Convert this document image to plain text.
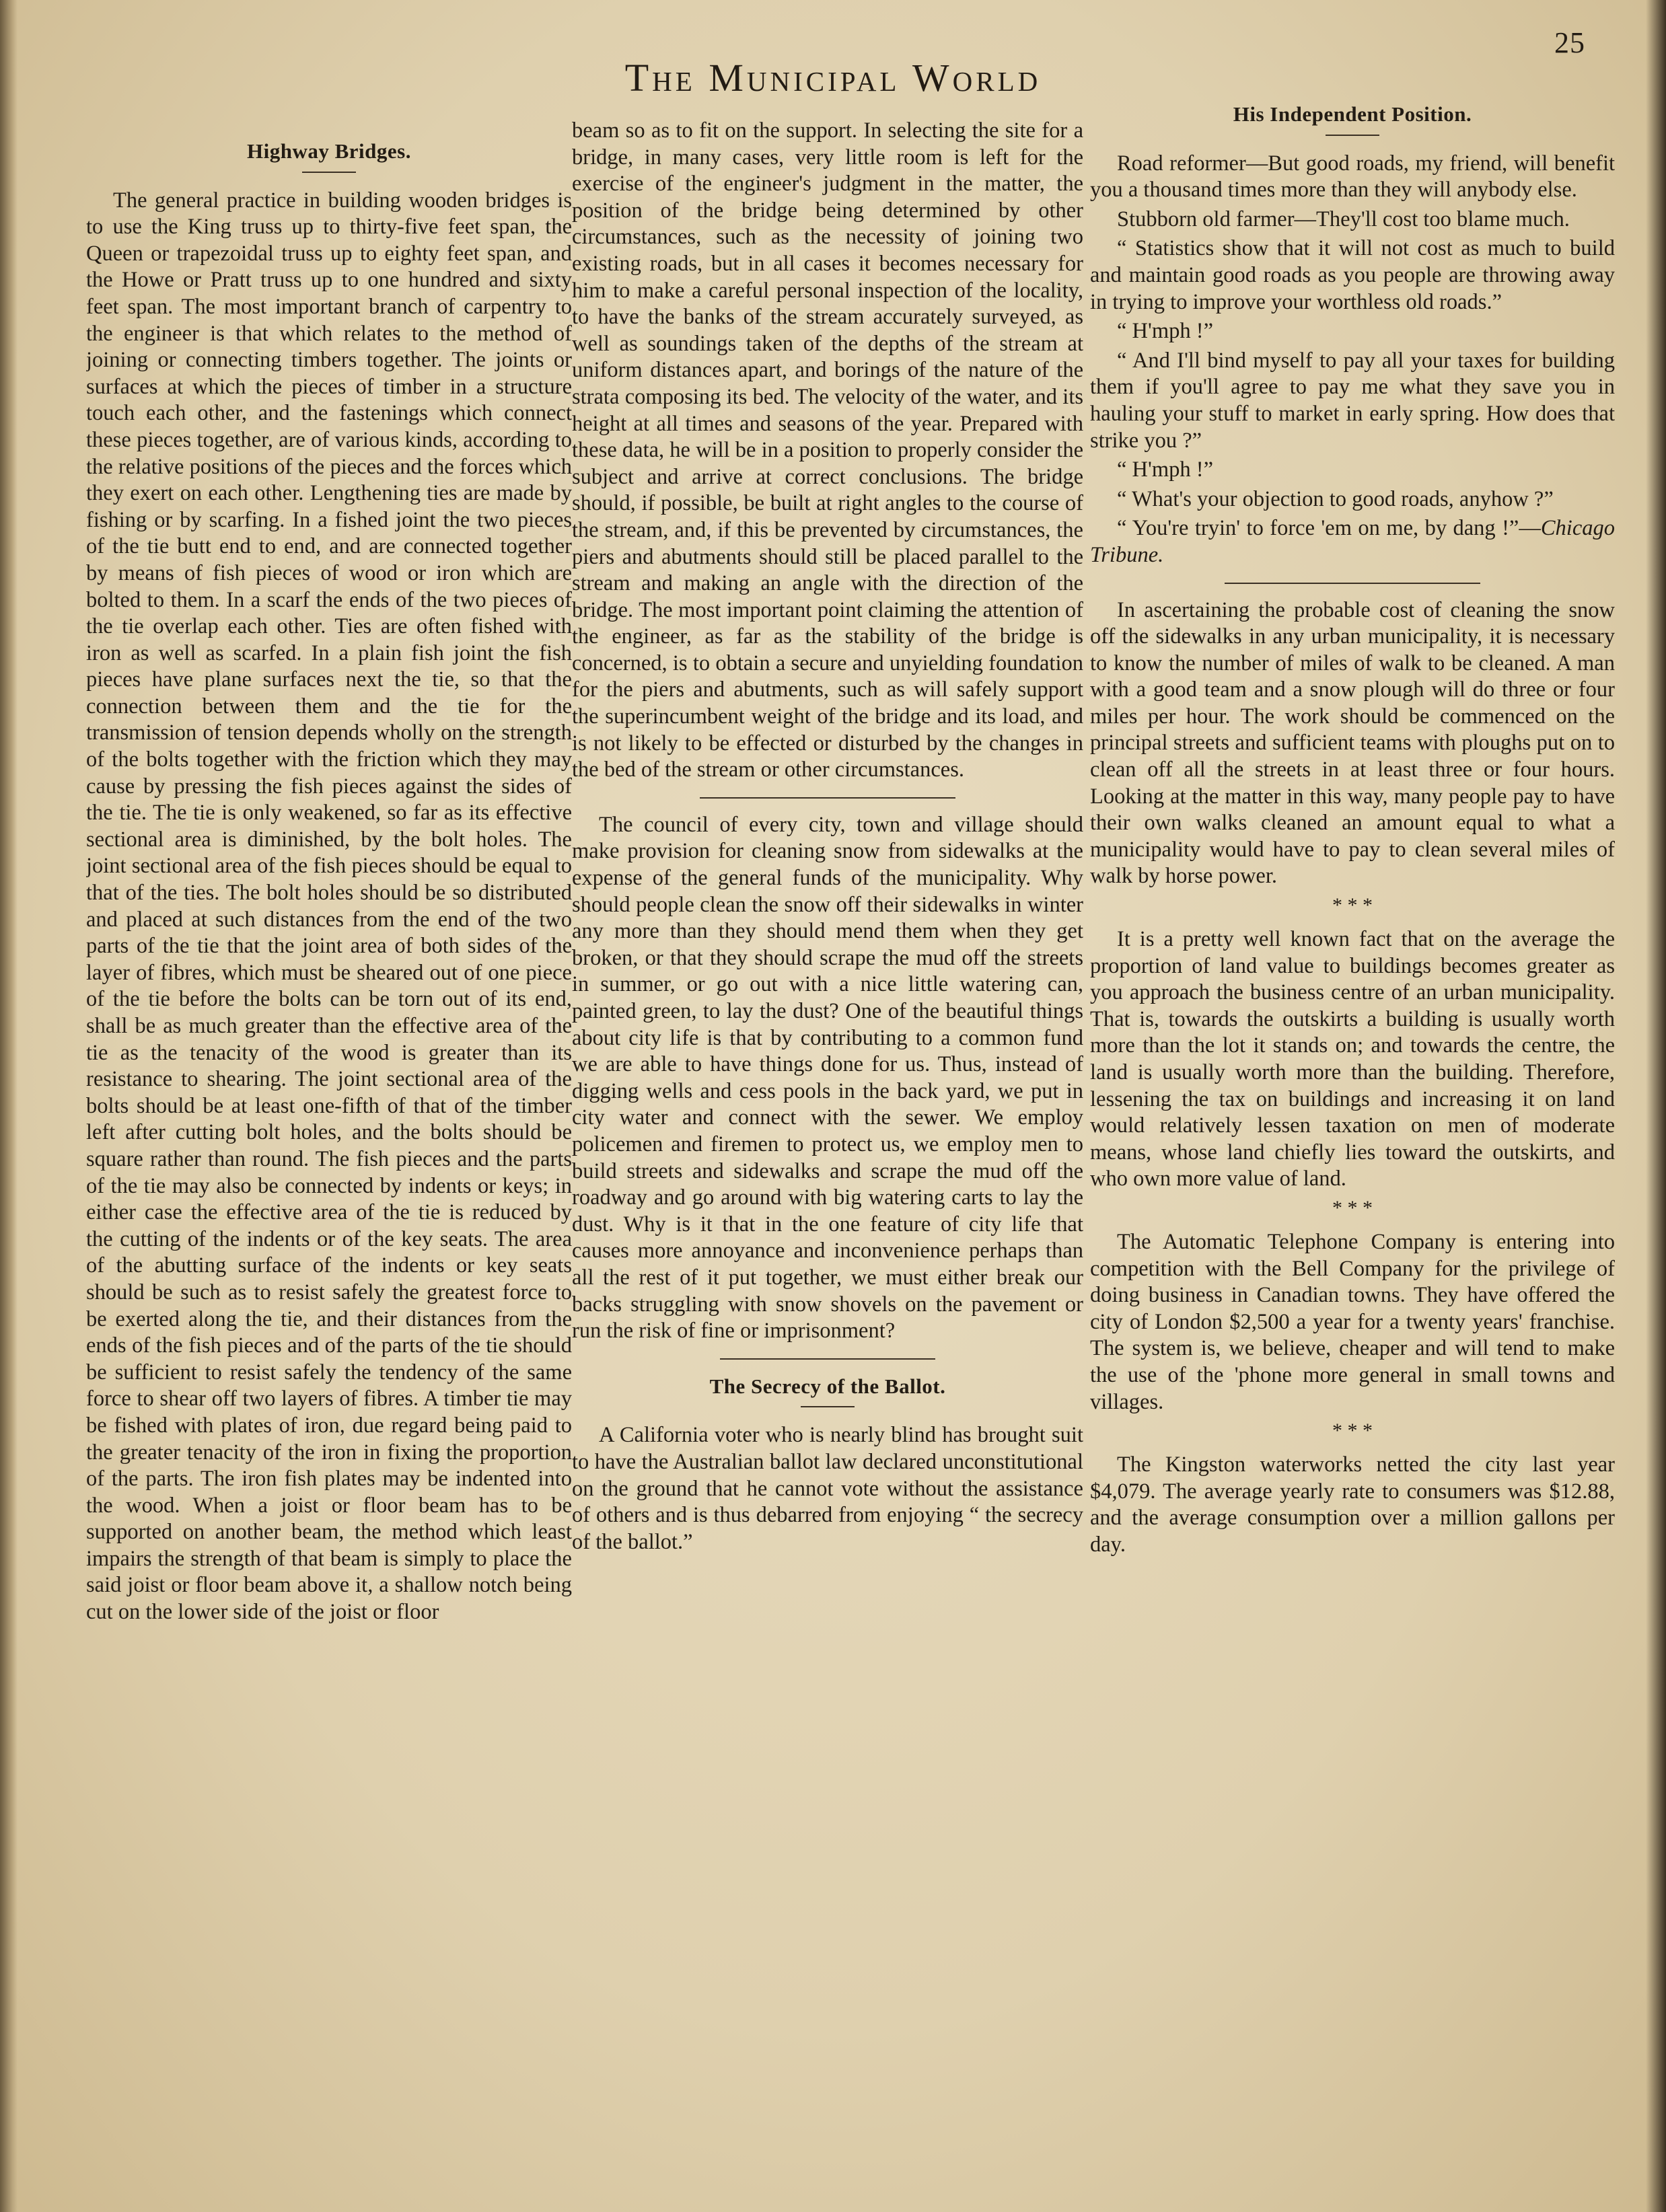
25
The Municipal World
Highway Bridges.

The general practice in building wooden bridges is to use the King truss up to thirty-five feet span, the Queen or trapezoidal truss up to eighty feet span, and the Howe or Pratt truss up to one hundred and sixty feet span. The most important branch of carpentry to the engineer is that which relates to the method of joining or connecting timbers together. The joints or surfaces at which the pieces of timber in a structure touch each other, and the fastenings which connect these pieces together, are of various kinds, according to the relative positions of the pieces and the forces which they exert on each other. Lengthening ties are made by fishing or by scarfing. In a fished joint the two pieces of the tie butt end to end, and are connected together by means of fish pieces of wood or iron which are bolted to them. In a scarf the ends of the two pieces of the tie overlap each other. Ties are often fished with iron as well as scarfed. In a plain fish joint the fish pieces have plane surfaces next the tie, so that the connection between them and the tie for the transmission of tension depends wholly on the strength of the bolts together with the friction which they may cause by pressing the fish pieces against the sides of the tie. The tie is only weakened, so far as its effective sectional area is diminished, by the bolt holes. The joint sectional area of the fish pieces should be equal to that of the ties. The bolt holes should be so distributed and placed at such distances from the end of the two parts of the tie that the joint area of both sides of the layer of fibres, which must be sheared out of one piece of the tie before the bolts can be torn out of its end, shall be as much greater than the effective area of the tie as the tenacity of the wood is greater than its resistance to shearing. The joint sectional area of the bolts should be at least one-fifth of that of the timber left after cutting bolt holes, and the bolts should be square rather than round. The fish pieces and the parts of the tie may also be connected by indents or keys; in either case the effective area of the tie is reduced by the cutting of the indents or of the key seats. The area of the abutting surface of the indents or key seats should be such as to resist safely the greatest force to be exerted along the tie, and their distances from the ends of the fish pieces and of the parts of the tie should be sufficient to resist safely the tendency of the same force to shear off two layers of fibres. A timber tie may be fished with plates of iron, due regard being paid to the greater tenacity of the iron in fixing the proportion of the parts. The iron fish plates may be indented into the wood. When a joist or floor beam has to be supported on another beam, the method which least impairs the strength of that beam is simply to place the said joist or floor beam above it, a shallow notch being cut on the lower side of the joist or floor

beam so as to fit on the support. In selecting the site for a bridge, in many cases, very little room is left for the exercise of the engineer's judgment in the matter, the position of the bridge being determined by other circumstances, such as the necessity of joining two existing roads, but in all cases it becomes necessary for him to make a careful personal inspection of the locality, to have the banks of the stream accurately surveyed, as well as soundings taken of the depths of the stream at uniform distances apart, and borings of the nature of the strata composing its bed. The velocity of the water, and its height at all times and seasons of the year. Prepared with these data, he will be in a position to properly consider the subject and arrive at correct conclusions. The bridge should, if possible, be built at right angles to the course of the stream, and, if this be prevented by circumstances, the piers and abutments should still be placed parallel to the stream and making an angle with the direction of the bridge. The most important point claiming the attention of the engineer, as far as the stability of the bridge is concerned, is to obtain a secure and unyielding foundation for the piers and abutments, such as will safely support the superincumbent weight of the bridge and its load, and is not likely to be effected or disturbed by the changes in the bed of the stream or other circumstances.

The council of every city, town and village should make provision for cleaning snow from sidewalks at the expense of the general funds of the municipality. Why should people clean the snow off their sidewalks in winter any more than they should mend them when they get broken, or that they should scrape the mud off the streets in summer, or go out with a nice little watering can, painted green, to lay the dust? One of the beautiful things about city life is that by contributing to a common fund we are able to have things done for us. Thus, instead of digging wells and cess pools in the back yard, we put in city water and connect with the sewer. We employ policemen and firemen to protect us, we employ men to build streets and sidewalks and scrape the mud off the roadway and go around with big watering carts to lay the dust. Why is it that in the one feature of city life that causes more annoyance and inconvenience perhaps than all the rest of it put together, we must either break our backs struggling with snow shovels on the pavement or run the risk of fine or imprisonment?

The Secrecy of the Ballot.

A California voter who is nearly blind has brought suit to have the Australian ballot law declared unconstitutional on the ground that he cannot vote without the assistance of others and is thus debarred from enjoying “ the secrecy of the ballot.”

His Independent Position.

Road reformer—But good roads, my friend, will benefit you a thousand times more than they will anybody else.

Stubborn old farmer—They'll cost too blame much.

“ Statistics show that it will not cost as much to build and maintain good roads as you people are throwing away in trying to improve your worthless old roads.”

“ H'mph !”

“ And I'll bind myself to pay all your taxes for building them if you'll agree to pay me what they save you in hauling your stuff to market in early spring. How does that strike you ?”

“ H'mph !”

“ What's your objection to good roads, anyhow ?”

“ You're tryin' to force 'em on me, by dang !”—Chicago Tribune.

In ascertaining the probable cost of cleaning the snow off the sidewalks in any urban municipality, it is necessary to know the number of miles of walk to be cleaned. A man with a good team and a snow plough will do three or four miles per hour. The work should be commenced on the principal streets and sufficient teams with ploughs put on to clean off all the streets in at least three or four hours. Looking at the matter in this way, many people pay to have their own walks cleaned an amount equal to what a municipality would have to pay to clean several miles of walk by horse power.

* * *

It is a pretty well known fact that on the average the proportion of land value to buildings becomes greater as you approach the business centre of an urban municipality. That is, towards the outskirts a building is usually worth more than the lot it stands on; and towards the centre, the land is usually worth more than the building. Therefore, lessening the tax on buildings and increasing it on land would relatively lessen taxation on men of moderate means, whose land chiefly lies toward the outskirts, and who own more value of land.

* * *

The Automatic Telephone Company is entering into competition with the Bell Company for the privilege of doing business in Canadian towns. They have offered the city of London $2,500 a year for a twenty years' franchise. The system is, we believe, cheaper and will tend to make the use of the 'phone more general in small towns and villages.

* * *

The Kingston waterworks netted the city last year $4,079. The average yearly rate to consumers was $12.88, and the average consumption over a million gallons per day.
